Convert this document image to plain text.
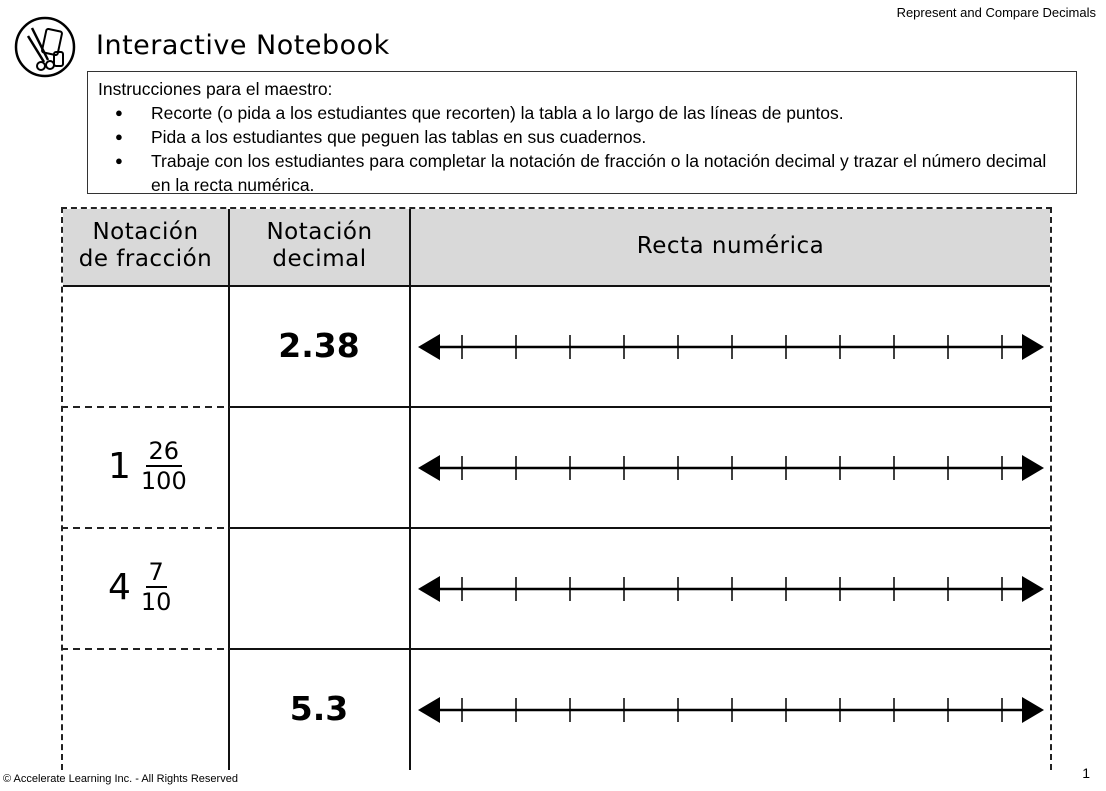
Represent and Compare Decimals
Interactive Notebook
Instrucciones para el maestro:
● Recorte (o pida a los estudiantes que recorten) la tabla a lo largo de las líneas de puntos.
● Pida a los estudiantes que peguen las tablas en sus cuadernos.
● Trabaje con los estudiantes para completar la notación de fracción o la notación decimal y trazar el número decimal en la recta numérica.
Notación
de fracción
Notación
decimal	Recta numérica
2.38
$1 \frac{26}{100}$
$4 \frac{7}{10}$
5.3
© Accelerate Learning Inc. - All Rights Reserved	1
